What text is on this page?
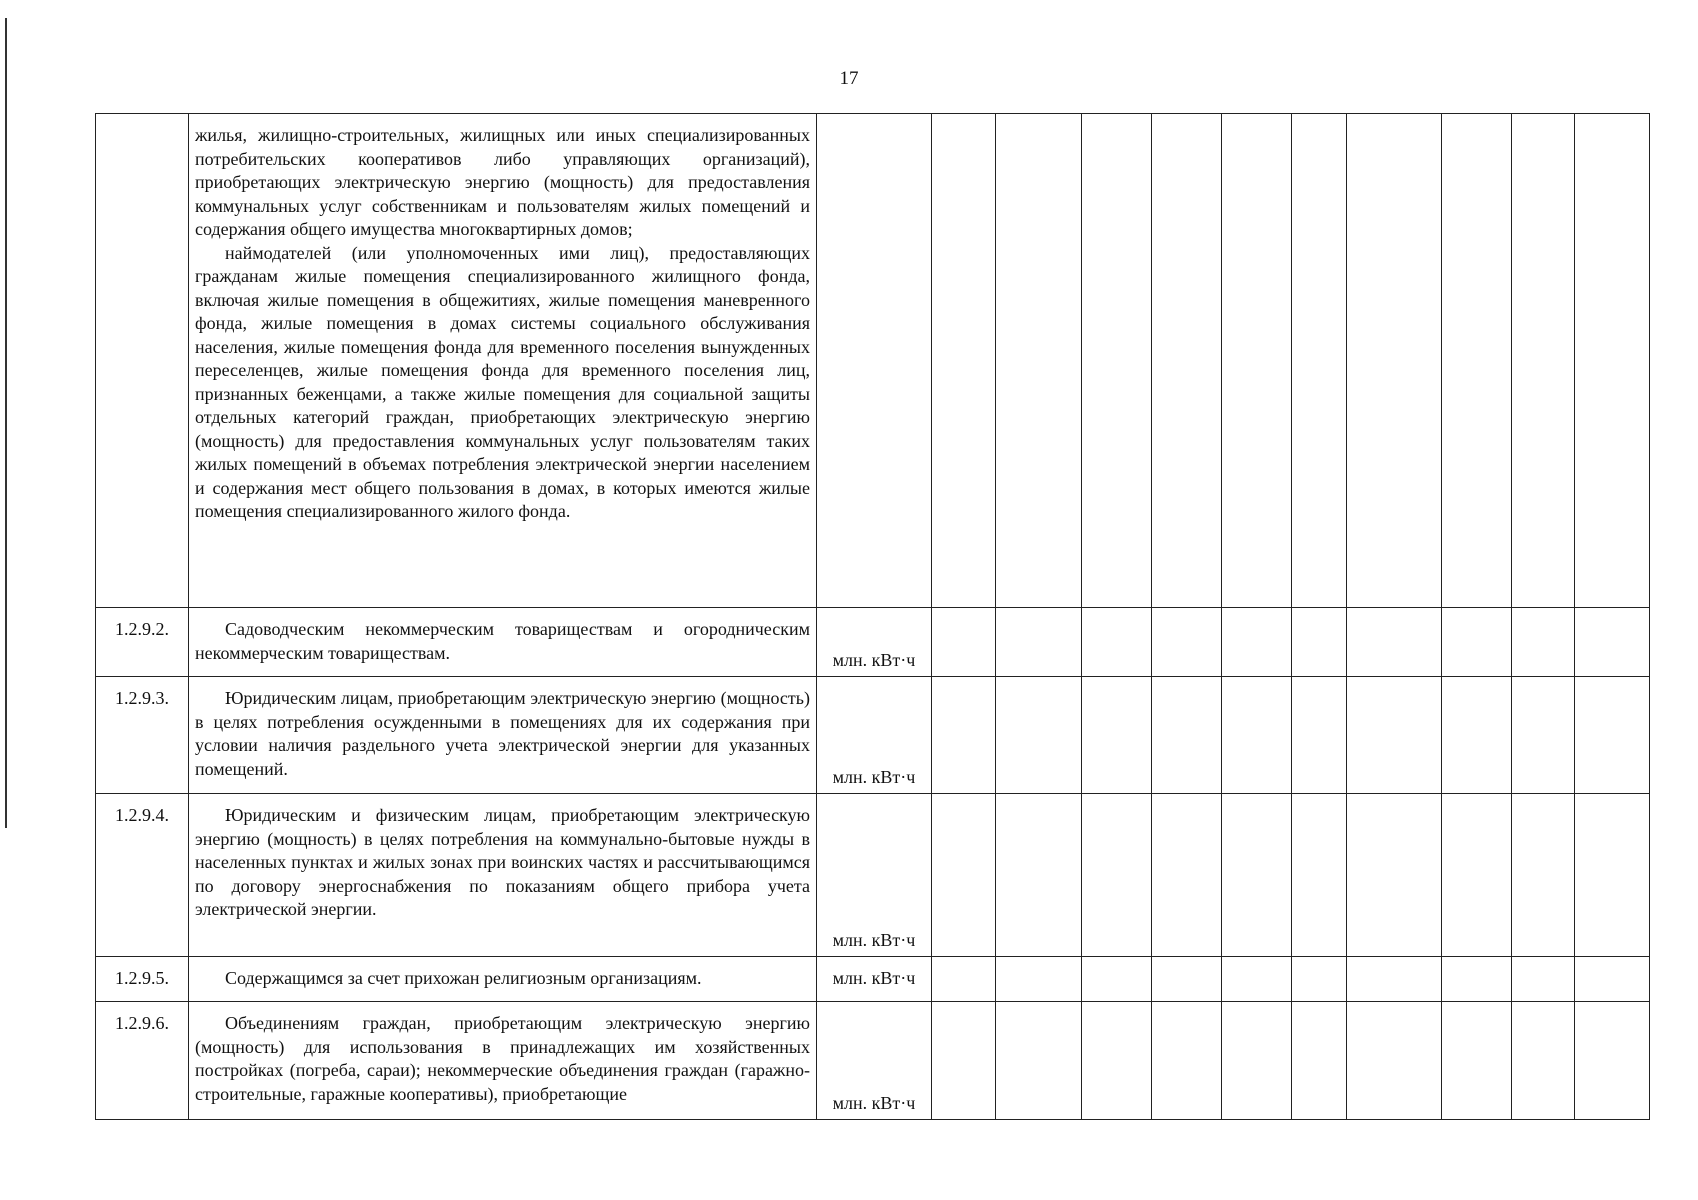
17

	жилья, жилищно-строительных, жилищных или иных специализированных потребительских кооперативов либо управляющих организаций), приобретающих электрическую энергию (мощность) для предоставления коммунальных услуг собственникам и пользователям жилых помещений и содержания общего имущества многоквартирных домов;

наймодателей (или уполномоченных ими лиц), предоставляющих гражданам жилые помещения специализированного жилищного фонда, включая жилые помещения в общежитиях, жилые помещения маневренного фонда, жилые помещения в домах системы социального обслуживания населения, жилые помещения фонда для временного поселения вынужденных переселенцев, жилые помещения фонда для временного поселения лиц, признанных беженцами, а также жилые помещения для социальной защиты отдельных категорий граждан, приобретающих электрическую энергию (мощность) для предоставления коммунальных услуг пользователям таких жилых помещений в объемах потребления электрической энергии населением и содержания мест общего пользования в домах, в которых имеются жилые помещения специализированного жилого фонда.											

1.2.9.2.	Садоводческим некоммерческим товариществам и огородническим некоммерческим товариществам.	млн. кВт·ч										
1.2.9.3.	Юридическим лицам, приобретающим электрическую энергию (мощность) в целях потребления осужденными в помещениях для их содержания при условии наличия раздельного учета электрической энергии для указанных помещений.	млн. кВт·ч										
1.2.9.4.	Юридическим и физическим лицам, приобретающим электрическую энергию (мощность) в целях потребления на коммунально-бытовые нужды в населенных пунктах и жилых зонах при воинских частях и рассчитывающимся по договору энергоснабжения по показаниям общего прибора учета электрической энергии.	млн. кВт·ч										
1.2.9.5.	Содержащимся за счет прихожан религиозным организациям.	млн. кВт·ч										
1.2.9.6.	Объединениям граждан, приобретающим электрическую энергию (мощность) для использования в принадлежащих им хозяйственных постройках (погреба, сараи); некоммерческие объединения граждан (гаражно-строительные, гаражные кооперативы), приобретающие	млн. кВт·ч										
